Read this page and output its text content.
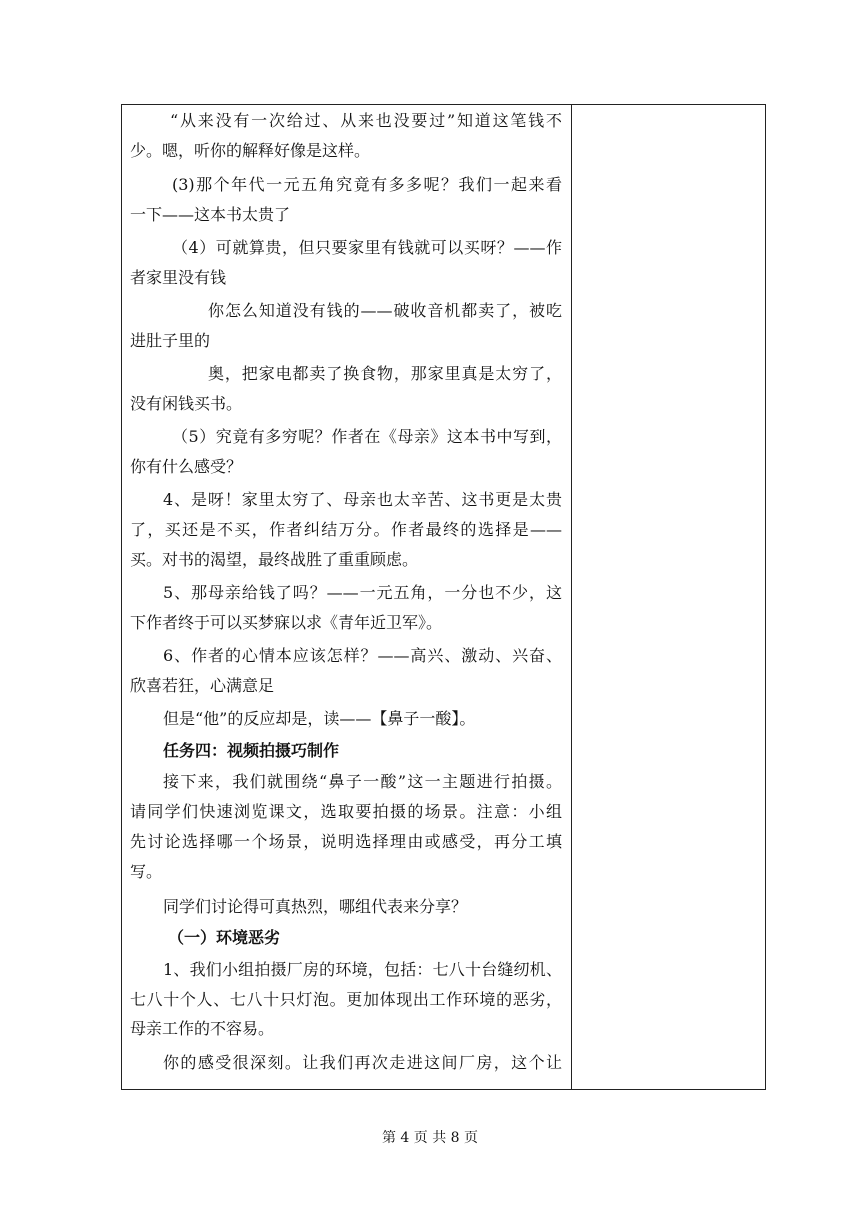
“从来没有一次给过、从来也没要过”知道这笔钱不
少。嗯，听你的解释好像是这样。
(3)那个年代一元五角究竟有多多呢？我们一起来看
一下——这本书太贵了
（4）可就算贵，但只要家里有钱就可以买呀？——作
者家里没有钱
你怎么知道没有钱的——破收音机都卖了，被吃
进肚子里的
奥，把家电都卖了换食物，那家里真是太穷了，
没有闲钱买书。
（5）究竟有多穷呢？作者在《母亲》这本书中写到，
你有什么感受？
4、是呀！家里太穷了、母亲也太辛苦、这书更是太贵
了，买还是不买，作者纠结万分。作者最终的选择是——
买。对书的渴望，最终战胜了重重顾虑。
5、那母亲给钱了吗？——一元五角，一分也不少，这
下作者终于可以买梦寐以求《青年近卫军》。
6、作者的心情本应该怎样？——高兴、激动、兴奋、
欣喜若狂，心满意足
但是“他”的反应却是，读——【鼻子一酸】。
任务四：视频拍摄巧制作
接下来，我们就围绕“鼻子一酸”这一主题进行拍摄。
请同学们快速浏览课文，选取要拍摄的场景。注意：小组
先讨论选择哪一个场景，说明选择理由或感受，再分工填
写。
同学们讨论得可真热烈，哪组代表来分享？
（一）环境恶劣
1、我们小组拍摄厂房的环境，包括：七八十台缝纫机、
七八十个人、七八十只灯泡。更加体现出工作环境的恶劣，
母亲工作的不容易。
你的感受很深刻。让我们再次走进这间厂房，这个让
第 4 页 共 8 页
